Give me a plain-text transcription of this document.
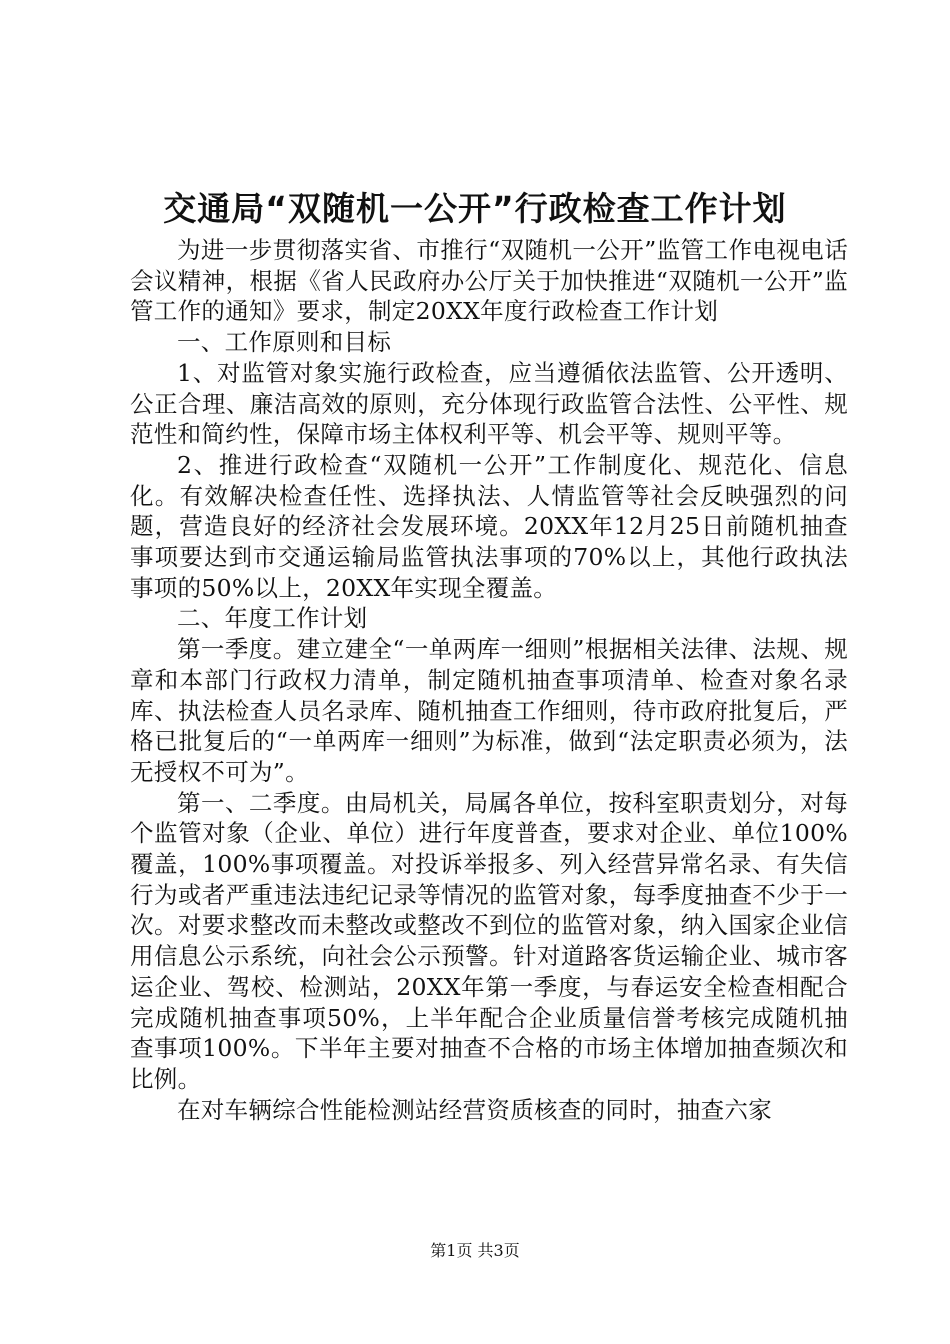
交通局“双随机一公开”行政检查工作计划

为进一步贯彻落实省、市推行“双随机一公开”监管工作电视电话会议精神，根据《省人民政府办公厅关于加快推进“双随机一公开”监管工作的通知》要求，制定20XX年度行政检查工作计划

一、工作原则和目标

1、对监管对象实施行政检查，应当遵循依法监管、公开透明、公正合理、廉洁高效的原则，充分体现行政监管合法性、公平性、规范性和简约性，保障市场主体权利平等、机会平等、规则平等。

2、推进行政检查“双随机一公开”工作制度化、规范化、信息化。有效解决检查任性、选择执法、人情监管等社会反映强烈的问题，营造良好的经济社会发展环境。20XX年12月25日前随机抽查事项要达到市交通运输局监管执法事项的70%以上，其他行政执法事项的50%以上，20XX年实现全覆盖。

二、年度工作计划

第一季度。建立建全“一单两库一细则”根据相关法律、法规、规章和本部门行政权力清单，制定随机抽查事项清单、检查对象名录库、执法检查人员名录库、随机抽查工作细则，待市政府批复后，严格已批复后的“一单两库一细则”为标准，做到“法定职责必须为，法无授权不可为”。

第一、二季度。由局机关，局属各单位，按科室职责划分，对每个监管对象（企业、单位）进行年度普查，要求对企业、单位100%覆盖，100%事项覆盖。对投诉举报多、列入经营异常名录、有失信行为或者严重违法违纪记录等情况的监管对象，每季度抽查不少于一次。对要求整改而未整改或整改不到位的监管对象，纳入国家企业信用信息公示系统，向社会公示预警。针对道路客货运输企业、城市客运企业、驾校、检测站，20XX年第一季度，与春运安全检查相配合完成随机抽查事项50%，上半年配合企业质量信誉考核完成随机抽查事项100%。下半年主要对抽查不合格的市场主体增加抽查频次和比例。

在对车辆综合性能检测站经营资质核查的同时，抽查六家

第1页 共3页
